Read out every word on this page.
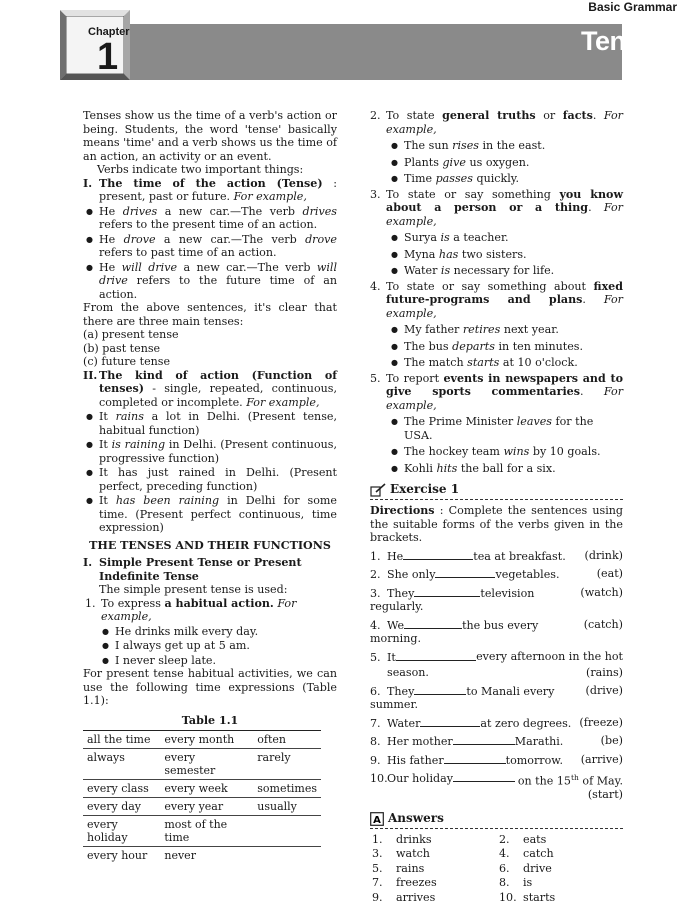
Basic Grammar
Chapter
1	Tenses

Tenses show us the time of a verb's action or being. Students, the word 'tense' basically means 'time' and a verb shows us the time of an action, an activity or an event.

Verbs indicate two important things:

I. The time of the action (Tense) : present, past or future. For example,
● He drives a new car.—The verb drives refers to the present time of an action.
● He drove a new car.—The verb drove refers to past time of an action.
● He will drive a new car.—The verb will drive refers to the future time of an action.

From the above sentences, it's clear that there are three main tenses:

(a) present tense

(b) past tense

(c) future tense

II. The kind of action (Function of tenses) - single, repeated, continuous, completed or incomplete. For example,
● It rains a lot in Delhi. (Present tense, habitual function)
● It is raining in Delhi. (Present continuous, progressive function)
● It has just rained in Delhi. (Present perfect, preceding function)
● It has been raining in Delhi for some time. (Present perfect continuous, time expression)

THE TENSES AND THEIR FUNCTIONS

I. Simple Present Tense or Present Indefinite Tense

The simple present tense is used:

1. To express a habitual action. For example,
● He drinks milk every day.
● I always get up at 5 am.
● I never sleep late.

For present tense habitual activities, we can use the following time expressions (Table 1.1):

Table 1.1

all the time	every month	often
always	every semester	rarely
every class	every week	sometimes
every day	every year	usually
every holiday	most of the time	
every hour	never	
2. To state general truths or facts. For example,
● The sun rises in the east.
● Plants give us oxygen.
● Time passes quickly.
3. To state or say something you know about a person or a thing. For example,
● Surya is a teacher.
● Myna has two sisters.
● Water is necessary for life.
4. To state or say something about fixed future-programs and plans. For example,
● My father retires next year.
● The bus departs in ten minutes.
● The match starts at 10 o'clock.
5. To report events in newspapers and to give sports commentaries. For example,
● The Prime Minister leaves for the USA.
● The hockey team wins by 10 goals.
● Kohli hits the ball for a six.
Exercise 1

Directions : Complete the sentences using the suitable forms of the verbs given in the brackets.

1. He	tea at breakfast. (drink)
2. She only	vegetables.	(eat)
3. They	television regularly.
(watch)
4. We	the bus every morning.
(catch)
5. It	every afternoon in the hot
season.	(rains)
6. They	to Manali every summer.
(drive)
7. Water	at zero degrees. (freeze)
8. Her mother	Marathi.	(be)
9. His father	tomorrow. (arrive)
10.Our holiday	on the 15th of May.
(start)
A Answers
1. drinks	2. eats
3. watch	4. catch
5. rains	6. drive
7. freezes	8. is
9. arrives	10. starts
